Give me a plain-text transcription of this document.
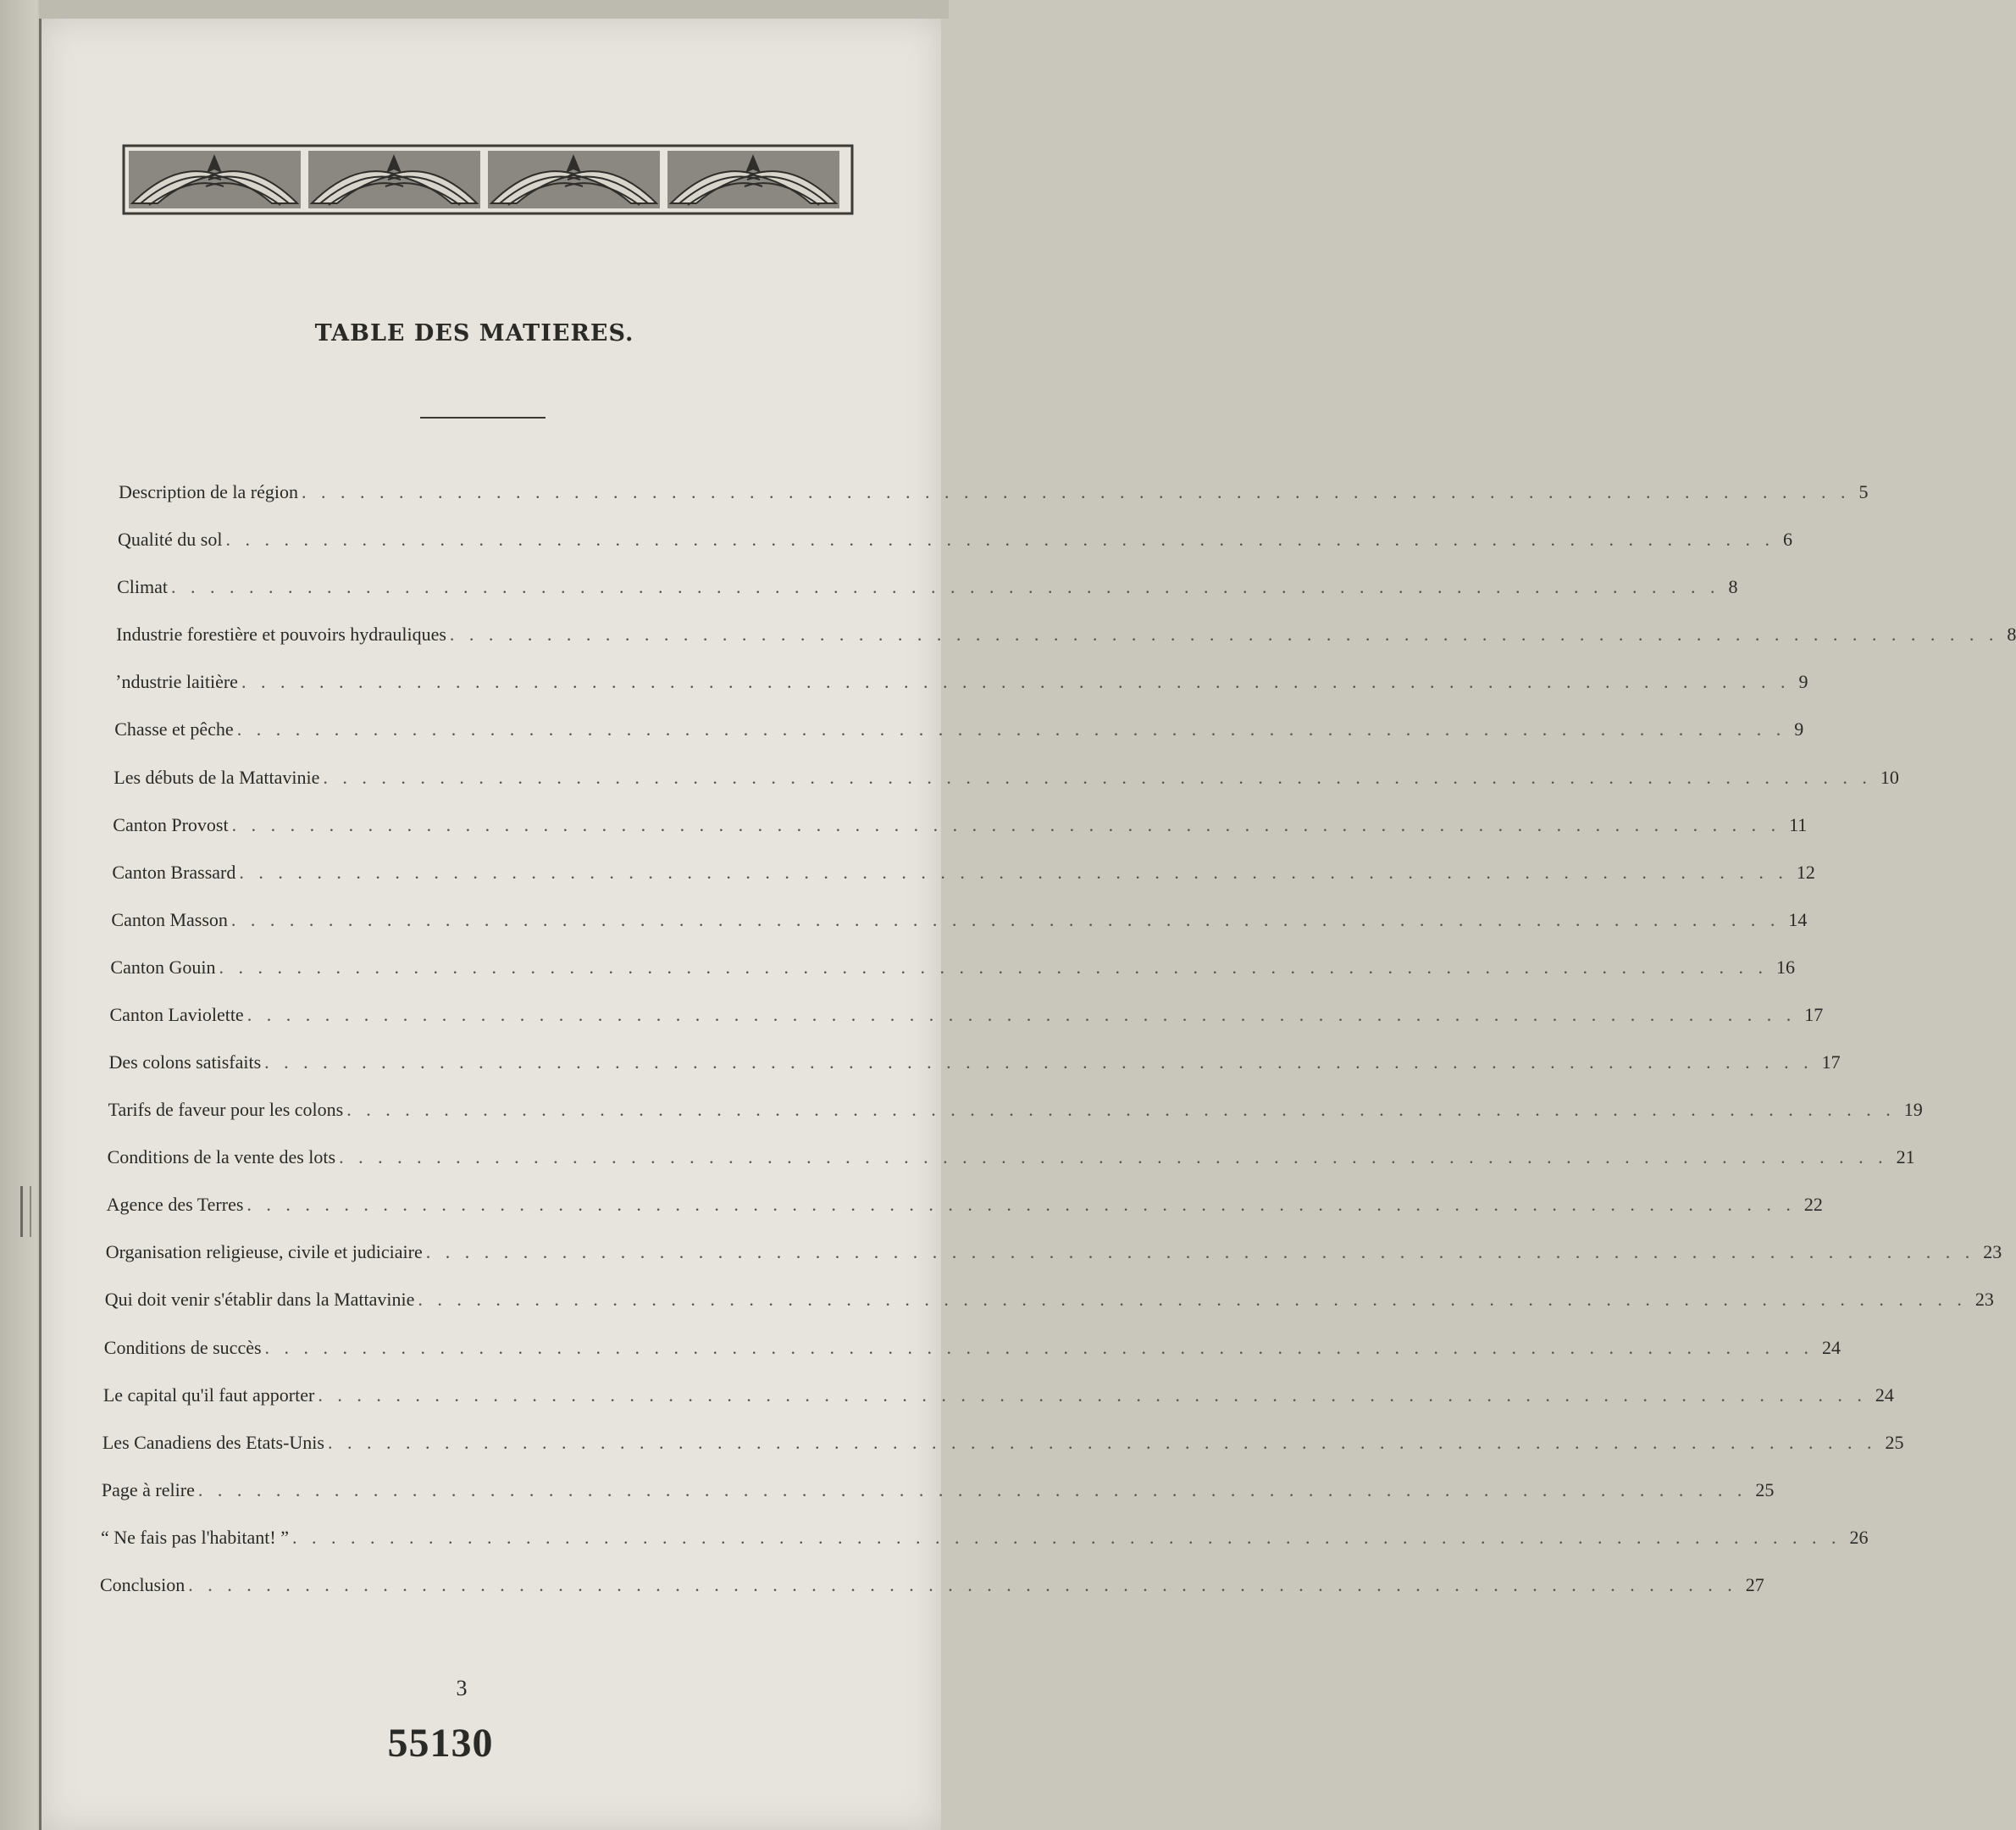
TABLE DES MATIERES.
Description de la région . . . . . . . . . . . . . . . . . . . . . . . . . . . . . . . . . . . . . . . . . . . . . . . . . . . . . . . . . . . . . . . . . . . . . . . . . . . . . . . . 5
Qualité du sol . . . . . . . . . . . . . . . . . . . . . . . . . . . . . . . . . . . . . . . . . . . . . . . . . . . . . . . . . . . . . . . . . . . . . . . . . . . . . . . . 6
Climat . . . . . . . . . . . . . . . . . . . . . . . . . . . . . . . . . . . . . . . . . . . . . . . . . . . . . . . . . . . . . . . . . . . . . . . . . . . . . . . . 8
Industrie forestière et pouvoirs hydrauliques . . . . . . . . . . . . . . . . . . . . . . . . . . . . . . . . . . . . . . . . . . . . . . . . . . . . . . . . . . . . . . . . . . . . . . . . . . . . . . . . 8
ʼndustrie laitière . . . . . . . . . . . . . . . . . . . . . . . . . . . . . . . . . . . . . . . . . . . . . . . . . . . . . . . . . . . . . . . . . . . . . . . . . . . . . . . . 9
Chasse et pêche . . . . . . . . . . . . . . . . . . . . . . . . . . . . . . . . . . . . . . . . . . . . . . . . . . . . . . . . . . . . . . . . . . . . . . . . . . . . . . . . 9
Les débuts de la Mattavinie . . . . . . . . . . . . . . . . . . . . . . . . . . . . . . . . . . . . . . . . . . . . . . . . . . . . . . . . . . . . . . . . . . . . . . . . . . . . . . . . 10
Canton Provost . . . . . . . . . . . . . . . . . . . . . . . . . . . . . . . . . . . . . . . . . . . . . . . . . . . . . . . . . . . . . . . . . . . . . . . . . . . . . . . . 11
Canton Brassard . . . . . . . . . . . . . . . . . . . . . . . . . . . . . . . . . . . . . . . . . . . . . . . . . . . . . . . . . . . . . . . . . . . . . . . . . . . . . . . . 12
Canton Masson . . . . . . . . . . . . . . . . . . . . . . . . . . . . . . . . . . . . . . . . . . . . . . . . . . . . . . . . . . . . . . . . . . . . . . . . . . . . . . . . 14
Canton Gouin . . . . . . . . . . . . . . . . . . . . . . . . . . . . . . . . . . . . . . . . . . . . . . . . . . . . . . . . . . . . . . . . . . . . . . . . . . . . . . . . 16
Canton Laviolette . . . . . . . . . . . . . . . . . . . . . . . . . . . . . . . . . . . . . . . . . . . . . . . . . . . . . . . . . . . . . . . . . . . . . . . . . . . . . . . . 17
Des colons satisfaits . . . . . . . . . . . . . . . . . . . . . . . . . . . . . . . . . . . . . . . . . . . . . . . . . . . . . . . . . . . . . . . . . . . . . . . . . . . . . . . . 17
Tarifs de faveur pour les colons . . . . . . . . . . . . . . . . . . . . . . . . . . . . . . . . . . . . . . . . . . . . . . . . . . . . . . . . . . . . . . . . . . . . . . . . . . . . . . . . 19
Conditions de la vente des lots . . . . . . . . . . . . . . . . . . . . . . . . . . . . . . . . . . . . . . . . . . . . . . . . . . . . . . . . . . . . . . . . . . . . . . . . . . . . . . . . 21
Agence des Terres . . . . . . . . . . . . . . . . . . . . . . . . . . . . . . . . . . . . . . . . . . . . . . . . . . . . . . . . . . . . . . . . . . . . . . . . . . . . . . . . 22
Organisation religieuse, civile et judiciaire . . . . . . . . . . . . . . . . . . . . . . . . . . . . . . . . . . . . . . . . . . . . . . . . . . . . . . . . . . . . . . . . . . . . . . . . . . . . . . . . 23
Qui doit venir s'établir dans la Mattavinie . . . . . . . . . . . . . . . . . . . . . . . . . . . . . . . . . . . . . . . . . . . . . . . . . . . . . . . . . . . . . . . . . . . . . . . . . . . . . . . . 23
Conditions de succès . . . . . . . . . . . . . . . . . . . . . . . . . . . . . . . . . . . . . . . . . . . . . . . . . . . . . . . . . . . . . . . . . . . . . . . . . . . . . . . . 24
Le capital qu'il faut apporter . . . . . . . . . . . . . . . . . . . . . . . . . . . . . . . . . . . . . . . . . . . . . . . . . . . . . . . . . . . . . . . . . . . . . . . . . . . . . . . . 24
Les Canadiens des Etats-Unis . . . . . . . . . . . . . . . . . . . . . . . . . . . . . . . . . . . . . . . . . . . . . . . . . . . . . . . . . . . . . . . . . . . . . . . . . . . . . . . . 25
Page à relire . . . . . . . . . . . . . . . . . . . . . . . . . . . . . . . . . . . . . . . . . . . . . . . . . . . . . . . . . . . . . . . . . . . . . . . . . . . . . . . . 25
“ Ne fais pas l'habitant! ” . . . . . . . . . . . . . . . . . . . . . . . . . . . . . . . . . . . . . . . . . . . . . . . . . . . . . . . . . . . . . . . . . . . . . . . . . . . . . . . . 26
Conclusion . . . . . . . . . . . . . . . . . . . . . . . . . . . . . . . . . . . . . . . . . . . . . . . . . . . . . . . . . . . . . . . . . . . . . . . . . . . . . . . . 27
3
55130
